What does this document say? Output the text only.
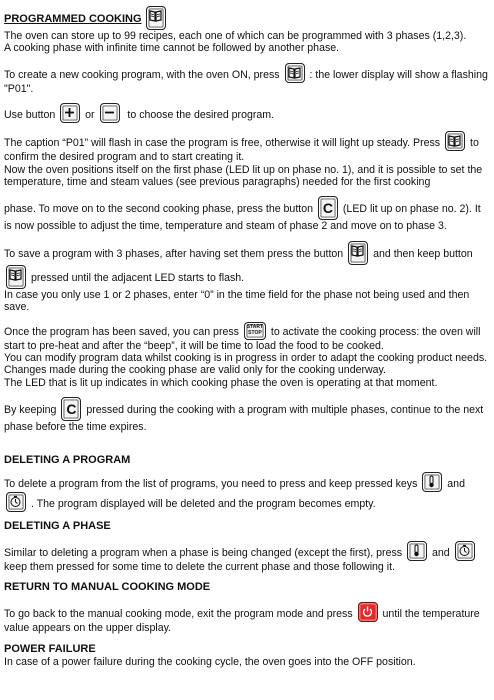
PROGRAMMED COOKING

The oven can store up to 99 recipes, each one of which can be programmed with 3 phases (1,2,3).

A cooking phase with infinite time cannot be followed by another phase.

To create a new cooking program, with the oven ON, press	: the lower display will show a flashing "P01".

Use button	or	to choose the desired program.

The caption “P01” will flash in case the program is free, otherwise it will light up steady. Press	to confirm the desired program and to start creating it.

Now the oven positions itself on the first phase (LED lit up on phase no. 1), and it is possible to set the temperature, time and steam values (see previous paragraphs) needed for the first cooking

phase. To move on to the second cooking phase, press the button C (LED lit up on phase no. 2). It is now possible to adjust the time, temperature and steam of phase 2 and move on to phase 3.

To save a program with 3 phases, after having set them press the button	and then keep button
pressed until the adjacent LED starts to flash.

In case you only use 1 or 2 phases, enter “0” in the time field for the phase not being used and then save.

Once the program has been saved, you can press	START
STOP to activate the cooking process: the oven will start to pre-heat and after the “beep”, it will be time to load the food to be cooked.

You can modify program data whilst cooking is in progress in order to adapt the cooking product needs.

Changes made during the cooking phase are valid only for the cooking underway.

The LED that is lit up indicates in which cooking phase the oven is operating at that moment.

By keeping C pressed during the cooking with a program with multiple phases, continue to the next phase before the time expires.

DELETING A PROGRAM

To delete a program from the list of programs, you need to press and keep pressed keys	and
. The program displayed will be deleted and the program becomes empty.

DELETING A PHASE

Similar to deleting a program when a phase is being changed (except the first), press	and
keep them pressed for some time to delete the current phase and those following it.

RETURN TO MANUAL COOKING MODE

To go back to the manual cooking mode, exit the program mode and press	until the temperature value appears on the upper display.

POWER FAILURE

In case of a power failure during the cooking cycle, the oven goes into the OFF position.
